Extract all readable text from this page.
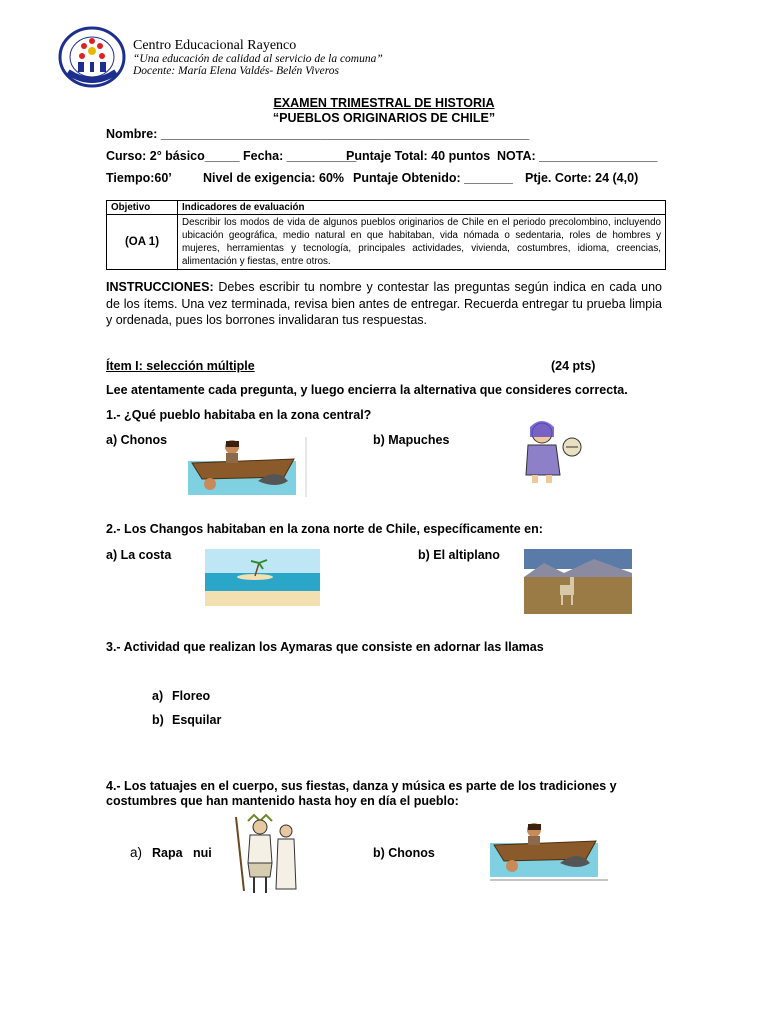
Centro Educacional Rayenco
“Una educación de calidad al servicio de la comuna”
Docente: María Elena Valdés- Belén Viveros
EXAMEN TRIMESTRAL DE HISTORIA
“PUEBLOS ORIGINARIOS DE CHILE”
Nombre: _____________________________________________________
Curso: 2° básico_____ Fecha: __________
Puntaje Total: 40 puntos NOTA: _________________
Tiempo:60’ Nivel de exigencia: 60% Puntaje Obtenido: _______ Ptje. Corte: 24 (4,0)
Objetivo	Indicadores de evaluación
(OA 1)	Describir los modos de vida de algunos pueblos originarios de Chile en el periodo precolombino, incluyendo ubicación geográfica, medio natural en que habitaban, vida nómada o sedentaria, roles de hombres y mujeres, herramientas y tecnología, principales actividades, vivienda, costumbres, idioma, creencias, alimentación y fiestas, entre otros.
INSTRUCCIONES: Debes escribir tu nombre y contestar las preguntas según indica en cada uno de los ítems. Una vez terminada, revisa bien antes de entregar. Recuerda entregar tu prueba limpia y ordenada, pues los borrones invalidaran tus respuestas.
Ítem I: selección múltiple	(24 pts)
Lee atentamente cada pregunta, y luego encierra la alternativa que consideres correcta.
1.- ¿Qué pueblo habitaba en la zona central?
a) Chonos	b) Mapuches
2.- Los Changos habitaban en la zona norte de Chile, específicamente en:
a) La costa	b) El altiplano
3.- Actividad que realizan los Aymaras que consiste en adornar las llamas
a) Floreo
b) Esquilar
4.- Los tatuajes en el cuerpo, sus fiestas, danza y música es parte de los tradiciones y costumbres que han mantenido hasta hoy en día el pueblo:
a) Rapa   nui	b) Chonos
